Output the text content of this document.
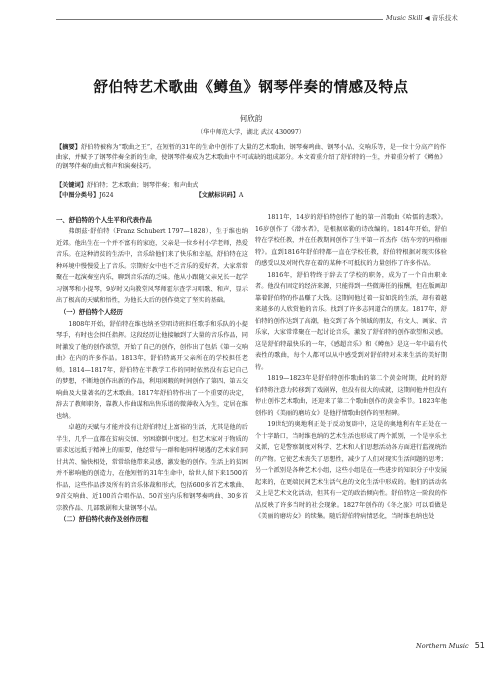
Music Skill ◀ 音乐技术
舒伯特艺术歌曲《鳟鱼》钢琴伴奏的情感及特点
何欣韵
（华中师范大学，湖北 武汉 430097）
【摘要】舒伯特被称为“歌曲之王”，在短暂的31年的生命中创作了大量的艺术歌曲、钢琴奏鸣曲、钢琴小品、交响乐等，是一位十分高产的作曲家，并赋予了钢琴伴奏全新的生命，使钢琴伴奏成为艺术歌曲中不可或缺的组成部分。本文着重介绍了舒伯特的一生，并着重分析了《鳟鱼》的钢琴伴奏的曲式和声和演奏技巧。
【关键词】舒伯特；艺术歌曲；钢琴伴奏；和声曲式
【中图分类号】J624	【文献标识码】A
一、舒伯特的个人生平和代表作品

弗朗兹·舒伯特（Franz Schubert 1797—1828），生于维也纳近郊。他出生在一个并不富有的家庭，父亲是一位乡村小学老师，热爱音乐。在这种清贫的生活中，音乐给他们来了快乐和幸福，舒伯特在这种环境中慢慢爱上了音乐。宗期好女中也不乏音乐的爱好者，大家常常聚在一起演奏室内乐，聊到音乐活的乏味。他从小跟随父亲兄长一起学习钢琴和小提琴，9岁时又向教堂风琴师霍尔查学习唱歌、和声，显示出了极高的天赋和悟性，为他长大后的创作奠定了坚实的基础。

（一）舒伯特个人经历

1808年开始，舒伯特在维也纳圣堂唱诗班担任歌手和乐队的小提琴手，有时也会担任指挥。这段经历让他接触到了大量的音乐作品，同时激发了他的创作欲望，开始了自己的创作，创作出了包括《第一交响曲》在内的许多作品。1813年，舒伯特离开父亲所在的学校担任老师。1814—1817年，舒伯特在半教学工作的同时依然没有忘记自己的梦想，不断地创作出新的作品，利用闲暇的时间创作了第四、第五交响曲及大量著名的艺术歌曲。1817年舒伯特作出了一个重要的决定，辞去了教师职务，靠教人作曲谋和出售乐谱的微薄收入为生，定居在维也纳。

卓越的天赋与才能并没有让舒伯特过上富裕的生活，尤其是他的后半生，几乎一直都在贫病交加、穷困潦倒中度过。但艺术家对于物质的需求远远抵于精神上的需要，他经常与一群和他同样境遇的艺术家们同甘共苦、愉快相处，常常给他带来灵感，激发他的创作。生活上的贫困并不影响他的创造力，在他短暂的31年生命中，给世人留下来1500首作品，这些作品涉及所有的音乐体裁和形式，包括600多首艺术歌曲、9首交响曲、近100首合唱作品、50首室内乐和钢琴奏鸣曲、30多首宗教作品、几部歌剧和大量钢琴小品。

（二）舒伯特代表作及创作历程

1811年，14岁的舒伯特创作了他的第一首歌曲《哈儒的悲歌》。16岁创作了《潜水者》，是根据席勒的诗改编的。1814年开始，舒伯特在学校任教，并在任教期间创作了生平第一首杰作《纺车旁的玛格丽特》。直到1816年舒伯特都一直在学校任教，舒伯特根据对现实体验的感受以及对时代存在着的某种不可抵抗的力量创作了许多作品。

1816年，舒伯特终于辞去了学校的职务，成为了一个自由职业者。他没有固定的经济来源，只能得到一些微薄任的报酬，但在版画却靠着舒伯特的作品赚了大钱。这期间他过着一贫如洗的生活，却有着越来越多的人欣赏他的音乐。找到了许多志同道合的朋友。1817年，舒伯特的创作达到了高潮，他交到了各个领域的朋友，有文人、画家、音乐家，大家常常聚在一起讨论音乐，激发了舒伯特的创作欲望和灵感。这是舒伯特最快乐的一年，《感超音乐》和《鳟鱼》是这一年中最有代表性的歌曲，每个人都可以从中感受到对舒伯特对未来生活的美好期待。

1819—1823年是舒伯特创作歌曲的第二个黄金时期，此时的舒伯特将注意力转移到了戏剧界，但没有很大的成就，这期间他并但没有停止创作艺术歌曲，还迎来了第二个歌曲创作的黄金季节。1823年他创作的《美丽的磨坊女》是他抒情歌曲创作的里程碑。

19世纪的奥地利正处于反动复辟中，这是的奥地利有年正处在一个十字路口，当时维也纳的艺术生活也形成了两个派别，一个是享乐主义派，它是警察制度对科学、艺术和人们思想活动各方面进行监视统治的产物。它使艺术丧失了思想性，减少了人们对现实生活问题的思考；另一个派别是各种艺术小组，这些小组是在一些进步的知识分子中发展起来的，在更端民间艺术生活气息的文化生活中形成的。他们的活动名义上是艺术文化活动，但其有一定的政治倾向性。舒伯特这一阶段的作品反映了许多当时的社会现象。1827年创作的《冬之旅》可以看做是《美丽的磨坊女》的续集。随后舒伯特病情恶化，当时维也纳也处

Northern Music 51
